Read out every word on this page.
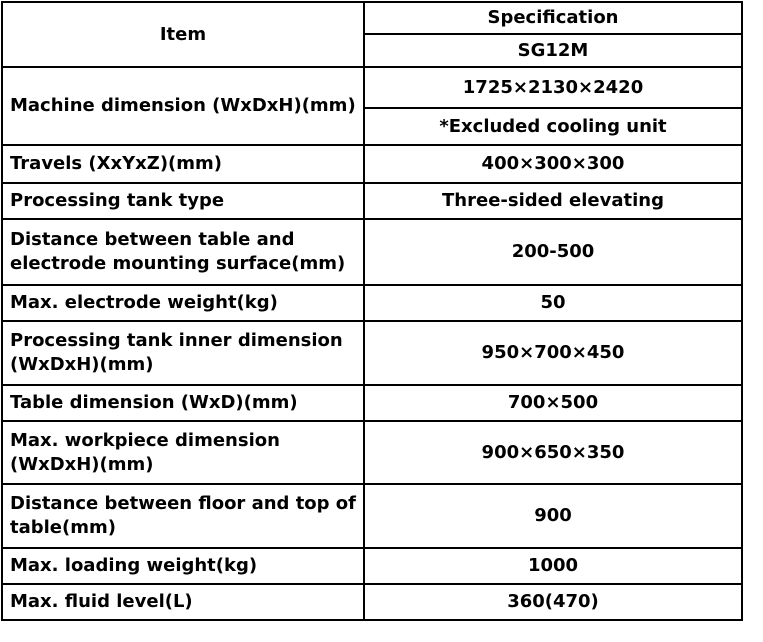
Item	Specification
	SG12M
Machine dimension (WxDxH)(mm)	1725×2130×2420
	*Excluded cooling unit
Travels (XxYxZ)(mm)	400×300×300
Processing tank type	Three-sided elevating
Distance between table and electrode mounting surface(mm)	200-500
Max. electrode weight(kg)	50
Processing tank inner dimension (WxDxH)(mm)	950×700×450
Table dimension (WxD)(mm)	700×500
Max. workpiece dimension (WxDxH)(mm)	900×650×350
Distance between floor and top of table(mm)	900
Max. loading weight(kg)	1000
Max. fluid level(L)	360(470)
